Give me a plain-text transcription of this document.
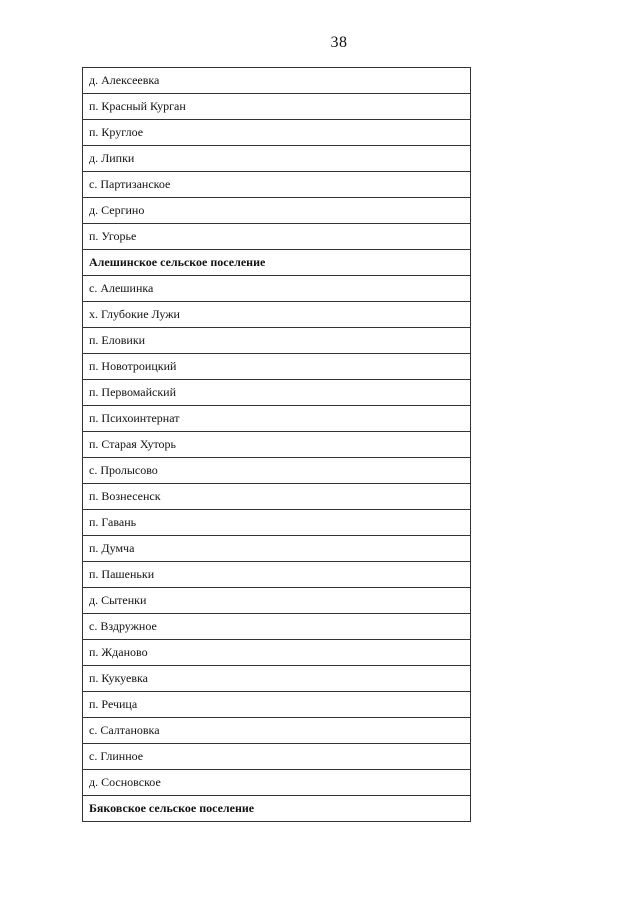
38
д. Алексеевка
п. Красный Курган
п. Круглое
д. Липки
с. Партизанское
д. Сергино
п. Угорье
Алешинское сельское поселение
с. Алешинка
х. Глубокие Лужи
п. Еловики
п. Новотроицкий
п. Первомайский
п. Психоинтернат
п. Старая Хуторь
с. Пролысово
п. Вознесенск
п. Гавань
п. Думча
п. Пашеньки
д. Сытенки
с. Вздружное
п. Жданово
п. Кукуевка
п. Речица
с. Салтановка
с. Глинное
д. Сосновское
Бяковское сельское поселение
